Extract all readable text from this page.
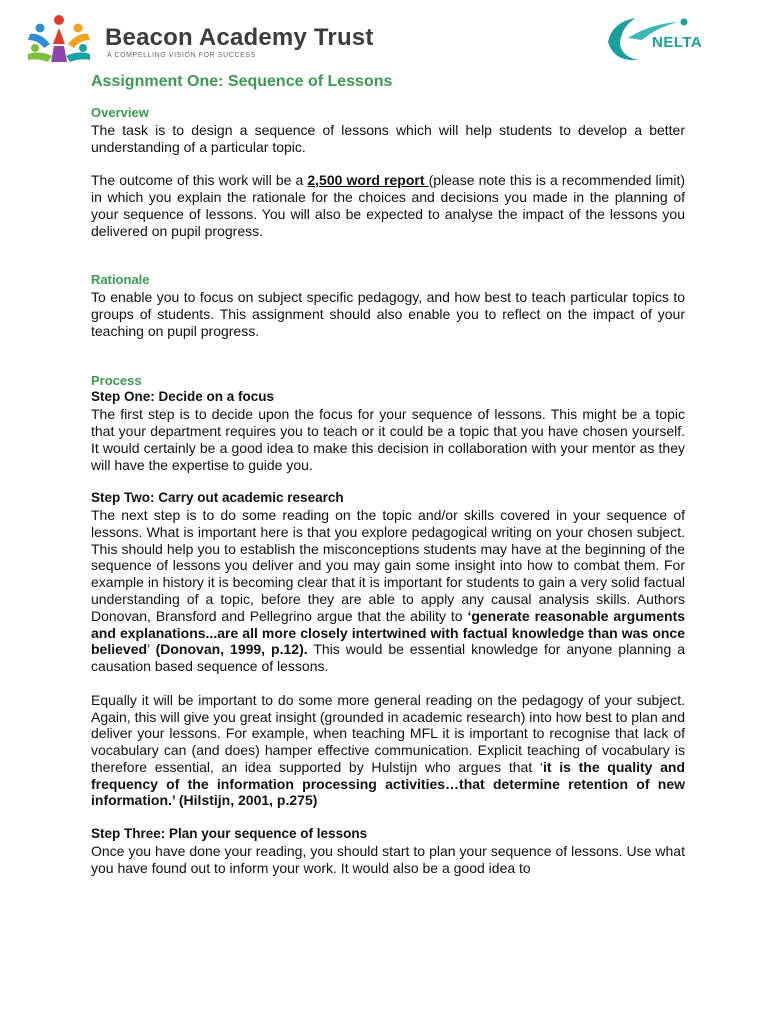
Beacon Academy Trust
A COMPELLING VISION FOR SUCCESS
NELTA
Assignment One: Sequence of Lessons
Overview

The task is to design a sequence of lessons which will help students to develop a better understanding of a particular topic.

The outcome of this work will be a 2,500 word report (please note this is a recommended limit) in which you explain the rationale for the choices and decisions you made in the planning of your sequence of lessons. You will also be expected to analyse the impact of the lessons you delivered on pupil progress.

Rationale

To enable you to focus on subject specific pedagogy, and how best to teach particular topics to groups of students. This assignment should also enable you to reflect on the impact of your teaching on pupil progress.

Process
Step One: Decide on a focus

The first step is to decide upon the focus for your sequence of lessons. This might be a topic that your department requires you to teach or it could be a topic that you have chosen yourself. It would certainly be a good idea to make this decision in collaboration with your mentor as they will have the expertise to guide you.

Step Two: Carry out academic research

The next step is to do some reading on the topic and/or skills covered in your sequence of lessons. What is important here is that you explore pedagogical writing on your chosen subject. This should help you to establish the misconceptions students may have at the beginning of the sequence of lessons you deliver and you may gain some insight into how to combat them. For example in history it is becoming clear that it is important for students to gain a very solid factual understanding of a topic, before they are able to apply any causal analysis skills. Authors Donovan, Bransford and Pellegrino argue that the ability to ‘generate reasonable arguments and explanations...are all more closely intertwined with factual knowledge than was once believed’ (Donovan, 1999, p.12). This would be essential knowledge for anyone planning a causation based sequence of lessons.

Equally it will be important to do some more general reading on the pedagogy of your subject. Again, this will give you great insight (grounded in academic research) into how best to plan and deliver your lessons. For example, when teaching MFL it is important to recognise that lack of vocabulary can (and does) hamper effective communication. Explicit teaching of vocabulary is therefore essential, an idea supported by Hulstijn who argues that ‘it is the quality and frequency of the information processing activities…that determine retention of new information.’ (Hilstijn, 2001, p.275)

Step Three: Plan your sequence of lessons

Once you have done your reading, you should start to plan your sequence of lessons. Use what you have found out to inform your work. It would also be a good idea to
